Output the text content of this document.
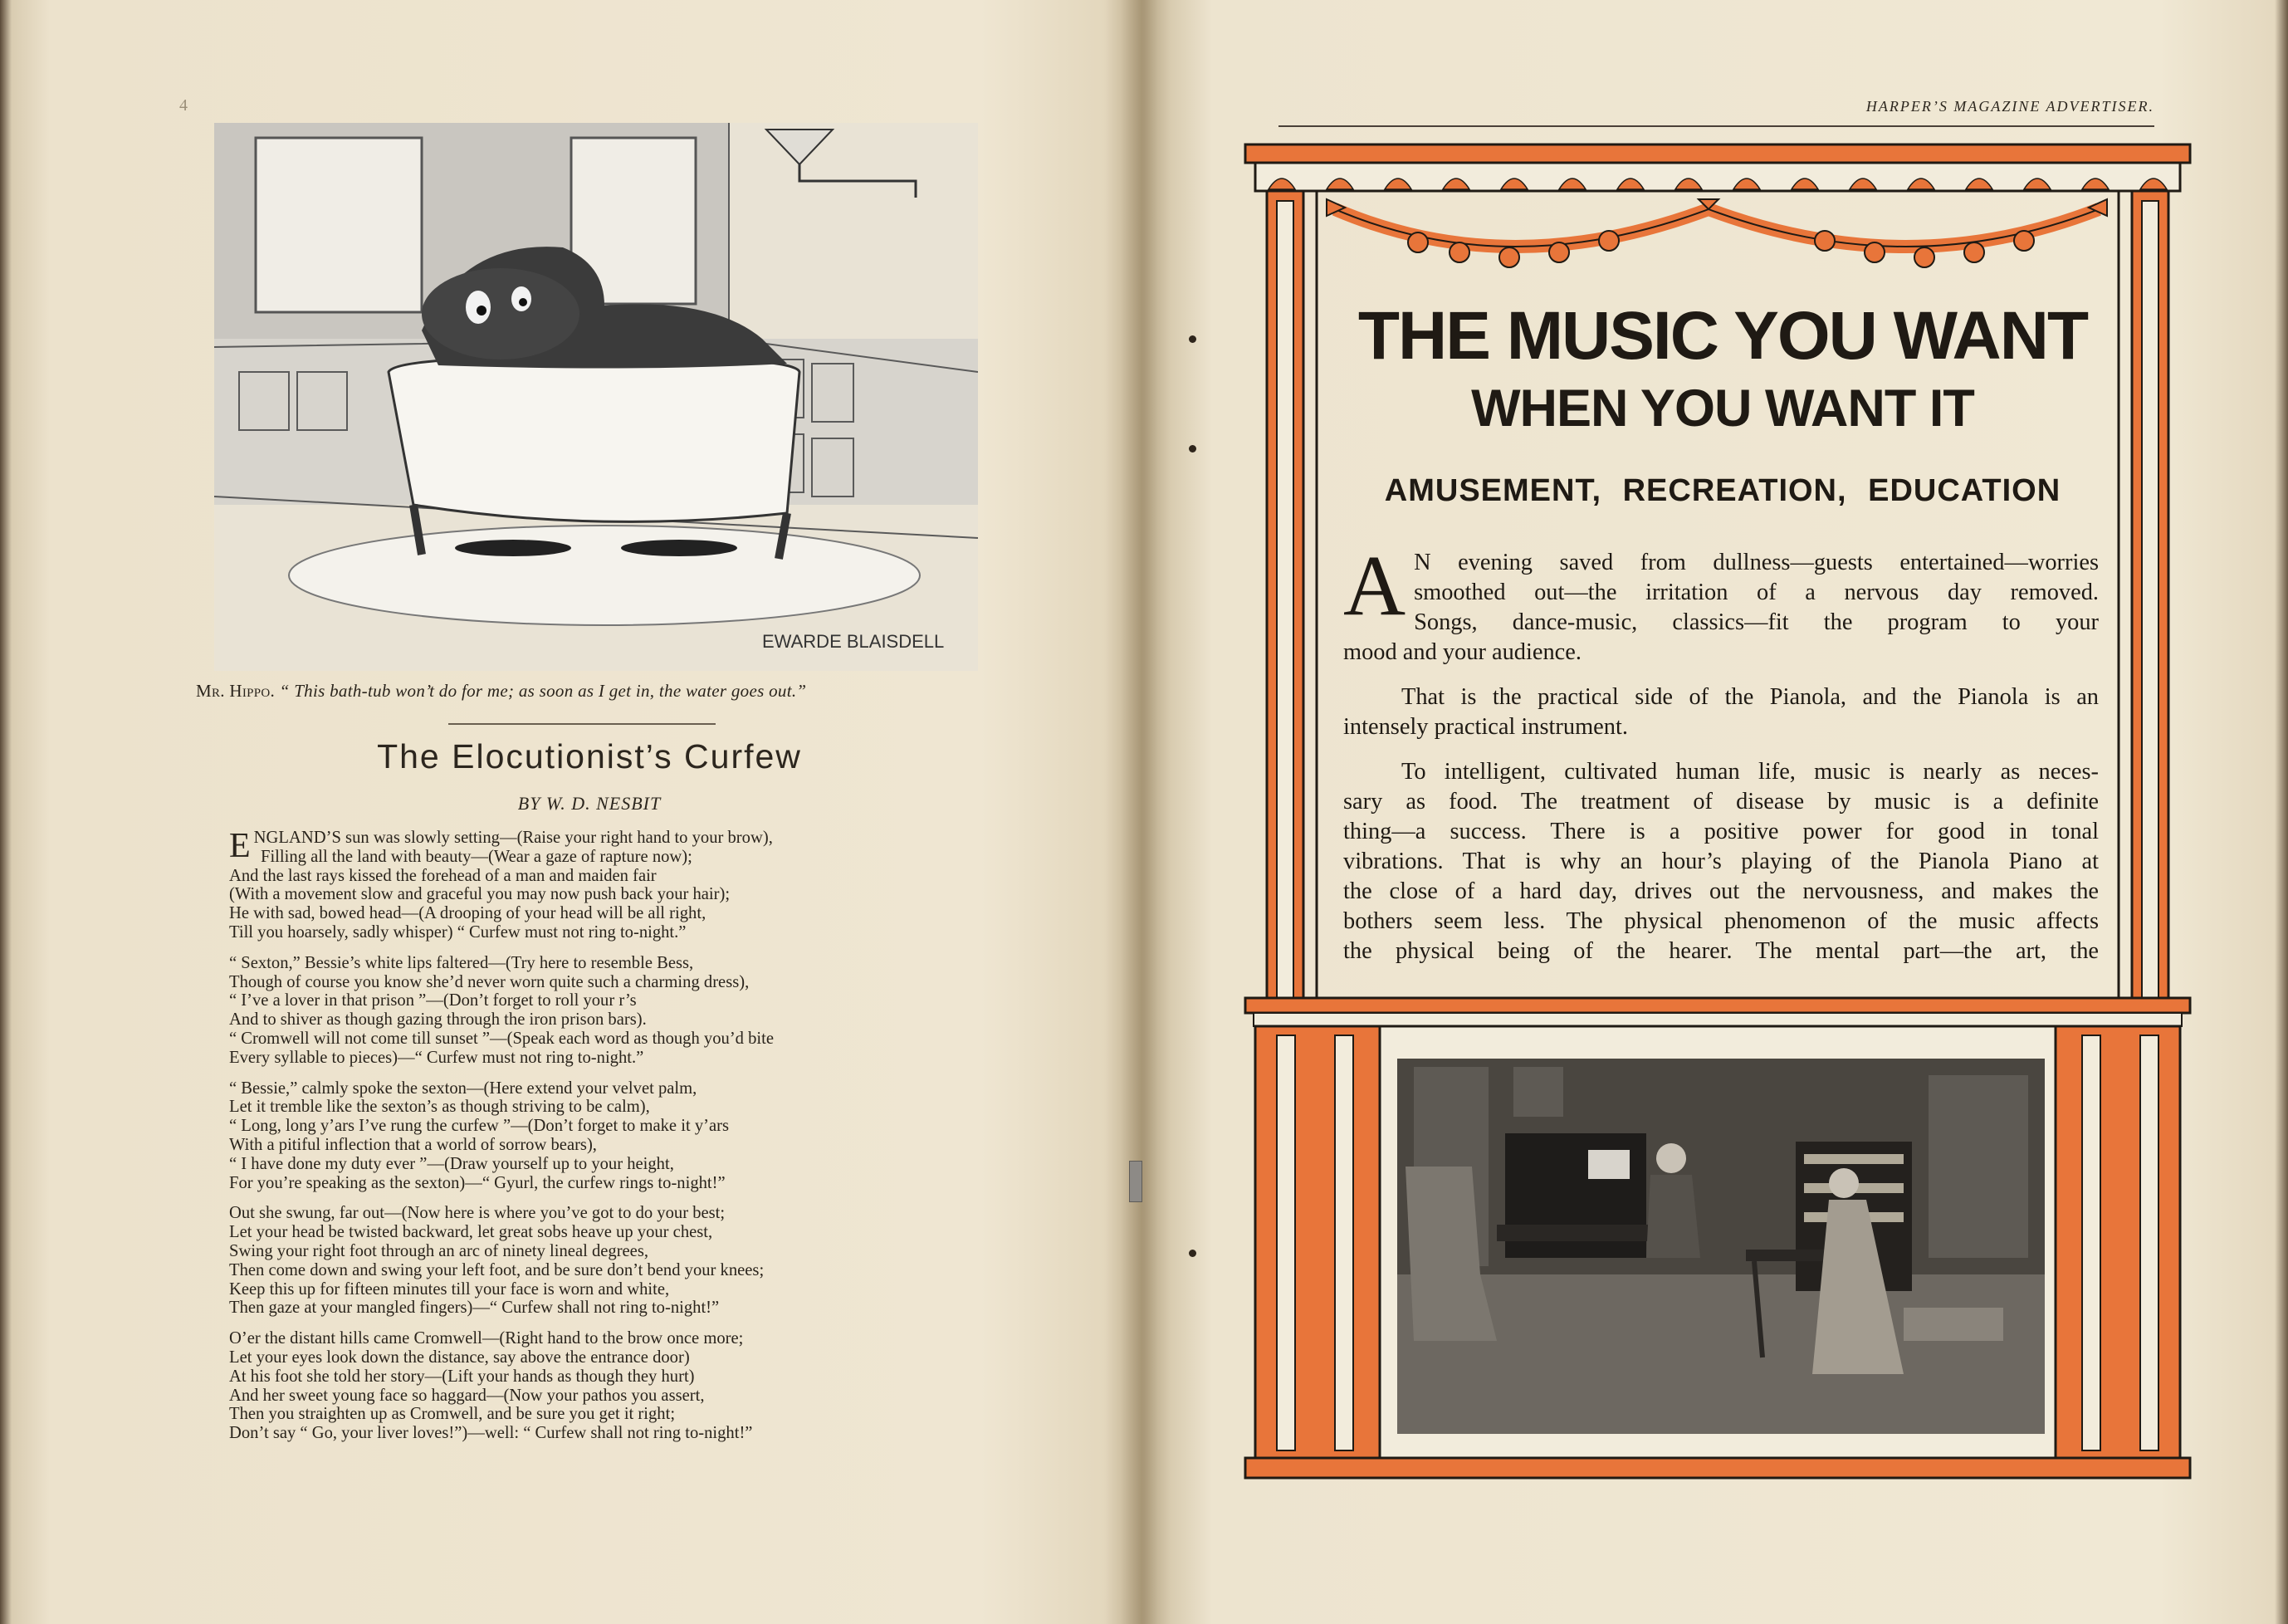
4
EWARDE BLAISDELL
Mr. Hippo. “ This bath-tub won’t do for me; as soon as I get in, the water goes out.”
The Elocutionist’s Curfew
BY W. D. NESBIT
ENGLAND’S sun was slowly setting—(Raise your right hand to your brow),
Filling all the land with beauty—(Wear a gaze of rapture now);
And the last rays kissed the forehead of a man and maiden fair
(With a movement slow and graceful you may now push back your hair);
He with sad, bowed head—(A drooping of your head will be all right,
Till you hoarsely, sadly whisper) “ Curfew must not ring to-night.”
“ Sexton,” Bessie’s white lips faltered—(Try here to resemble Bess,
Though of course you know she’d never worn quite such a charming dress),
“ I’ve a lover in that prison ”—(Don’t forget to roll your r’s
And to shiver as though gazing through the iron prison bars).
“ Cromwell will not come till sunset ”—(Speak each word as though you’d bite
Every syllable to pieces)—“ Curfew must not ring to-night.”
“ Bessie,” calmly spoke the sexton—(Here extend your velvet palm,
Let it tremble like the sexton’s as though striving to be calm),
“ Long, long y’ars I’ve rung the curfew ”—(Don’t forget to make it y’ars
With a pitiful inflection that a world of sorrow bears),
“ I have done my duty ever ”—(Draw yourself up to your height,
For you’re speaking as the sexton)—“ Gyurl, the curfew rings to-night!”
Out she swung, far out—(Now here is where you’ve got to do your best;
Let your head be twisted backward, let great sobs heave up your chest,
Swing your right foot through an arc of ninety lineal degrees,
Then come down and swing your left foot, and be sure don’t bend your knees;
Keep this up for fifteen minutes till your face is worn and white,
Then gaze at your mangled fingers)—“ Curfew shall not ring to-night!”
O’er the distant hills came Cromwell—(Right hand to the brow once more;
Let your eyes look down the distance, say above the entrance door)
At his foot she told her story—(Lift your hands as though they hurt)
And her sweet young face so haggard—(Now your pathos you assert,
Then you straighten up as Cromwell, and be sure you get it right;
Don’t say “ Go, your liver loves!”)—well: “ Curfew shall not ring to-night!”
HARPER’S MAGAZINE ADVERTISER.
THE MUSIC YOU WANT
WHEN YOU WANT IT
AMUSEMENT, RECREATION, EDUCATION

A N evening saved from dullness—guests entertained—worries
smoothed out—the irritation of a nervous day removed.
Songs, dance-music, classics—fit the program to your
mood and your audience.

That is the practical side of the Pianola, and the Pianola is an
intensely practical instrument.

To intelligent, cultivated human life, music is nearly as neces-
sary as food. The treatment of disease by music is a definite
thing—a success. There is a positive power for good in tonal
vibrations. That is why an hour’s playing of the Pianola Piano at
the close of a hard day, drives out the nervousness, and makes the
bothers seem less. The physical phenomenon of the music affects
the physical being of the hearer. The mental part—the art, the
